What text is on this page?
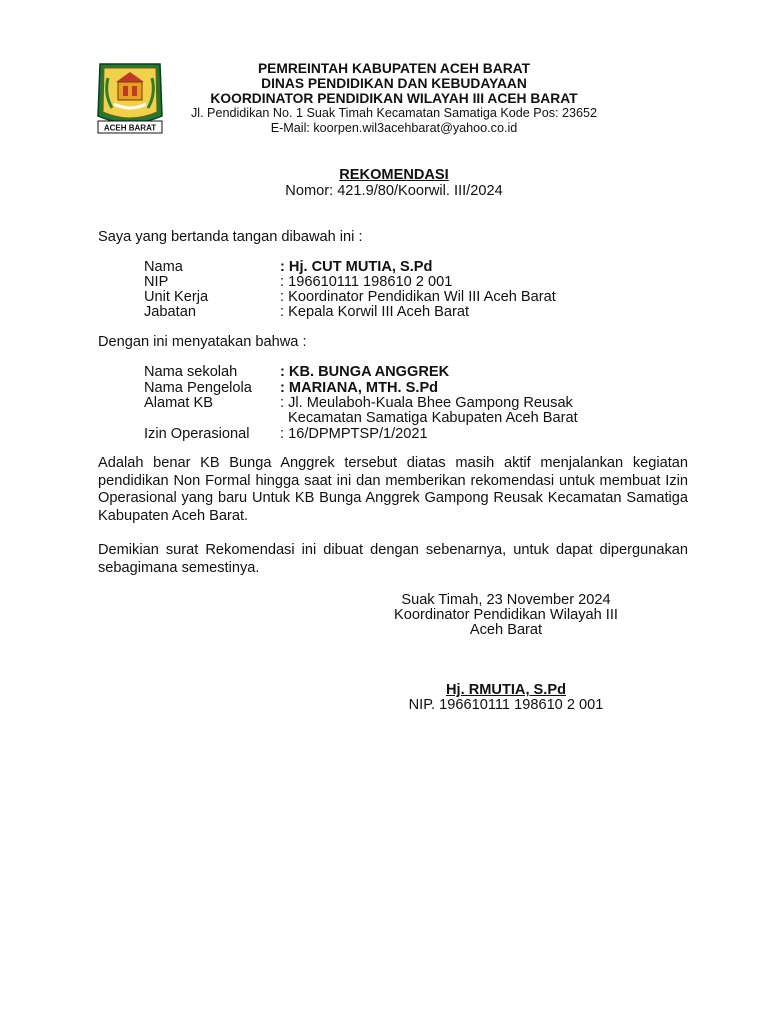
ACEH BARAT
PEMREINTAH KABUPATEN ACEH BARAT
DINAS PENDIDIKAN DAN KEBUDAYAAN
KOORDINATOR PENDIDIKAN WILAYAH III ACEH BARAT
Jl. Pendidikan No. 1 Suak Timah Kecamatan Samatiga Kode Pos: 23652
E-Mail: koorpen.wil3acehbarat@yahoo.co.id
REKOMENDASI
Nomor: 421.9/80/Koorwil. III/2024
Saya yang bertanda tangan dibawah ini :
Nama	: Hj. CUT MUTIA, S.Pd
NIP	: 196610111 198610 2 001
Unit Kerja	: Koordinator Pendidikan Wil III Aceh Barat
Jabatan	: Kepala Korwil III Aceh Barat
Dengan ini menyatakan bahwa :
Nama sekolah	: KB. BUNGA ANGGREK
Nama Pengelola : MARIANA, MTH. S.Pd
Alamat KB	: Jl. Meulaboh-Kuala Bhee Gampong Reusak
Kecamatan Samatiga Kabupaten Aceh Barat
Izin Operasional : 16/DPMPTSP/1/2021
Adalah benar KB Bunga Anggrek tersebut diatas masih aktif menjalankan kegiatan pendidikan Non Formal hingga saat ini dan memberikan rekomendasi untuk membuat Izin Operasional yang baru Untuk KB Bunga Anggrek Gampong Reusak Kecamatan Samatiga Kabupaten Aceh Barat.
Demikian surat Rekomendasi ini dibuat dengan sebenarnya, untuk dapat dipergunakan sebagimana semestinya.
Suak Timah, 23 November 2024
Koordinator Pendidikan Wilayah III
Aceh Barat
Hj. RMUTIA, S.Pd
NIP. 196610111 198610 2 001
